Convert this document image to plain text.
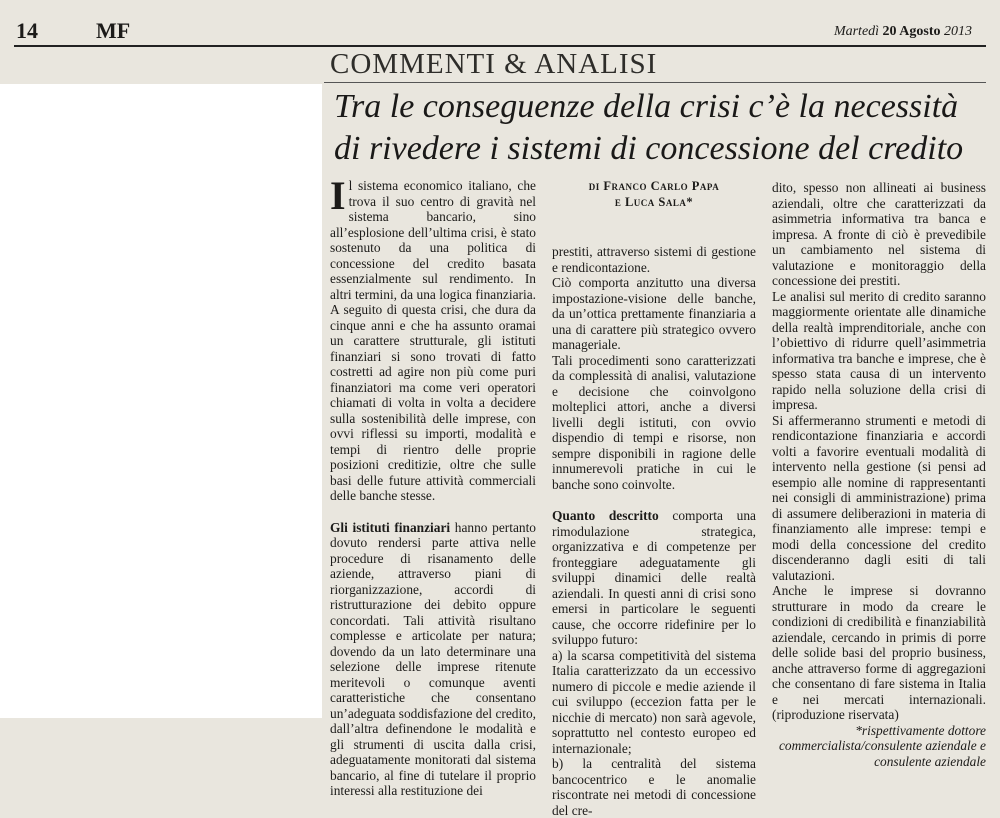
14	MF	Martedì 20 Agosto 2013
COMMENTI & ANALISI
Tra le conseguenze della crisi c’è la necessità di rivedere i sistemi di concessione del credito

Il sistema economico italiano, che trova il suo centro di gravità nel sistema bancario, sino all’esplosione dell’ultima crisi, è stato sostenuto da una politica di concessione del credito basata essenzialmente sul rendimento. In altri termini, da una logica finanziaria. A seguito di questa crisi, che dura da cinque anni e che ha assunto oramai un carattere strutturale, gli istituti finanziari si sono trovati di fatto costretti ad agire non più come puri finanziatori ma come veri operatori chiamati di volta in volta a decidere sulla sostenibilità delle imprese, con ovvi riflessi su importi, modalità e tempi di rientro delle proprie posizioni creditizie, oltre che sulle basi delle future attività commerciali delle banche stesse.

Gli istituti finanziari hanno pertanto dovuto rendersi parte attiva nelle procedure di risanamento delle aziende, attraverso piani di riorganizzazione, accordi di ristrutturazione dei debito oppure concordati. Tali attività risultano complesse e articolate per natura; dovendo da un lato determinare una selezione delle imprese ritenute meritevoli o comunque aventi caratteristiche che consentano un’adeguata soddisfazione del credito, dall’altra definendone le modalità e gli strumenti di uscita dalla crisi, adeguatamente monitorati dal sistema bancario, al fine di tutelare il proprio interessi alla restituzione dei

di Franco Carlo Papa
e Luca Sala*

prestiti, attraverso sistemi di gestione e rendicontazione.

Ciò comporta anzitutto una diversa impostazione-visione delle banche, da un’ottica prettamente finanziaria a una di carattere più strategico ovvero manageriale.

Tali procedimenti sono caratterizzati da complessità di analisi, valutazione e decisione che coinvolgono molteplici attori, anche a diversi livelli degli istituti, con ovvio dispendio di tempi e risorse, non sempre disponibili in ragione delle innumerevoli pratiche in cui le banche sono coinvolte.

Quanto descritto comporta una rimodulazione strategica, organizzativa e di competenze per fronteggiare adeguatamente gli sviluppi dinamici delle realtà aziendali. In questi anni di crisi sono emersi in particolare le seguenti cause, che occorre ridefinire per lo sviluppo futuro:

a) la scarsa competitività del sistema Italia caratterizzato da un eccessivo numero di piccole e medie aziende il cui sviluppo (eccezion fatta per le nicchie di mercato) non sarà agevole, soprattutto nel contesto europeo ed internazionale;

b) la centralità del sistema bancocentrico e le anomalie riscontrate nei metodi di concessione del cre-

dito, spesso non allineati ai business aziendali, oltre che caratterizzati da asimmetria informativa tra banca e impresa. A fronte di ciò è prevedibile un cambiamento nel sistema di valutazione e monitoraggio della concessione dei prestiti.

Le analisi sul merito di credito saranno maggiormente orientate alle dinamiche della realtà imprenditoriale, anche con l’obiettivo di ridurre quell’asimmetria informativa tra banche e imprese, che è spesso stata causa di un intervento rapido nella soluzione della crisi di impresa.

Si affermeranno strumenti e metodi di rendicontazione finanziaria e accordi volti a favorire eventuali modalità di intervento nella gestione (si pensi ad esempio alle nomine di rappresentanti nei consigli di amministrazione) prima di assumere deliberazioni in materia di finanziamento alle imprese: tempi e modi della concessione del credito discenderanno dagli esiti di tali valutazioni.

Anche le imprese si dovranno strutturare in modo da creare le condizioni di credibilità e finanziabilità aziendale, cercando in primis di porre delle solide basi del proprio business, anche attraverso forme di aggregazioni che consentano di fare sistema in Italia e nei mercati internazionali. (riproduzione riservata)

*rispettivamente dottore commercialista/consulente aziendale e consulente aziendale
